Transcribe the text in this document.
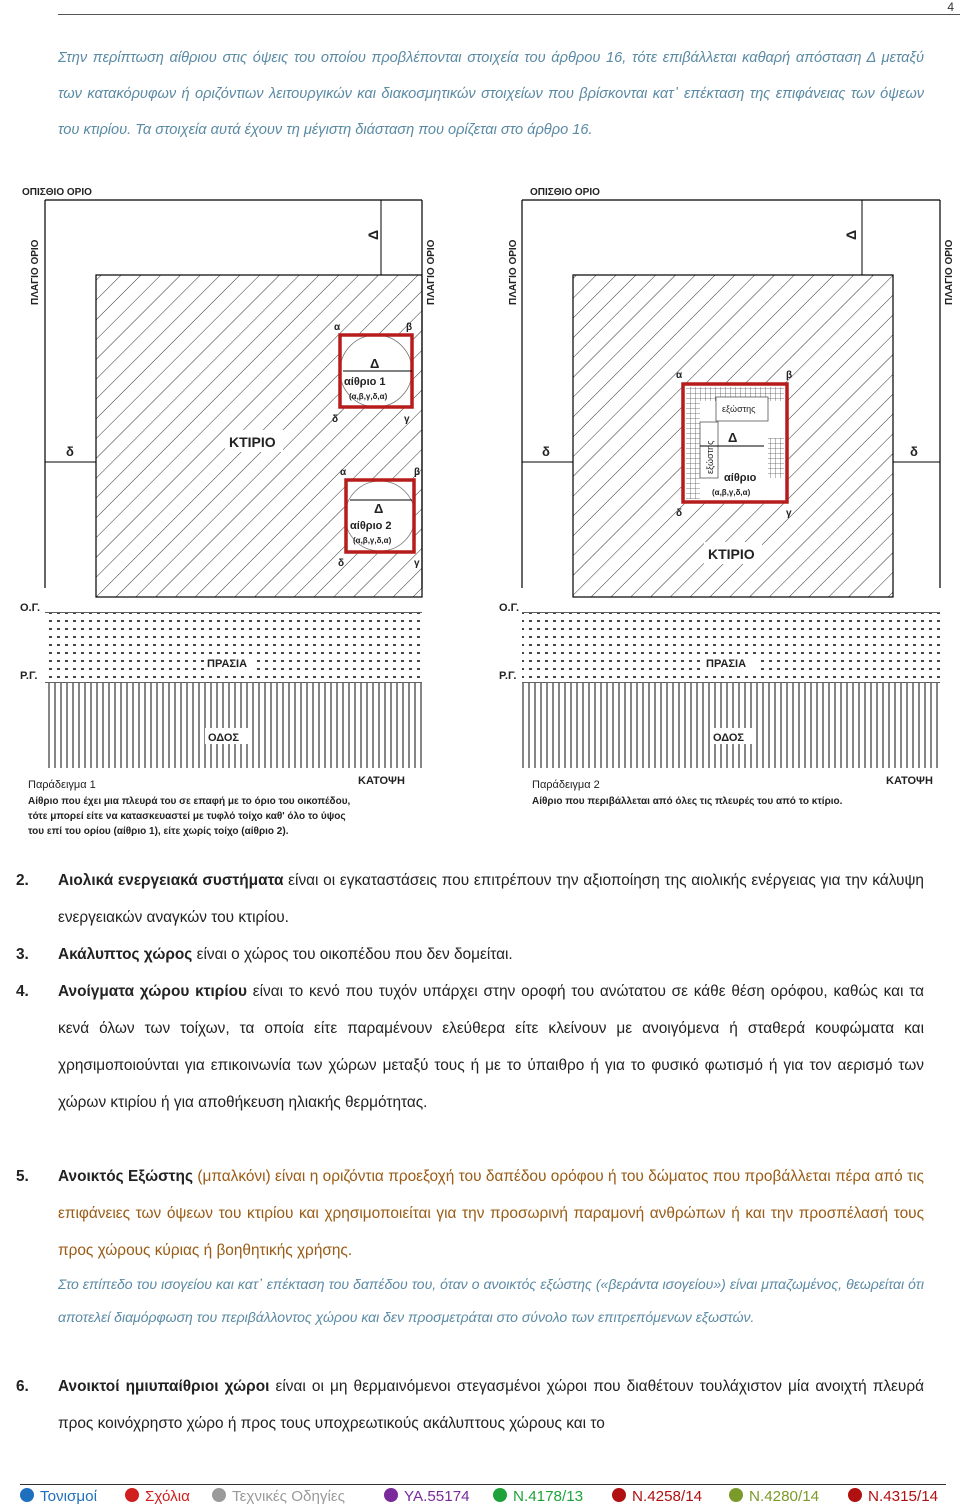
4

Στην περίπτωση αίθριου στις όψεις του οποίου προβλέπονται στοιχεία του άρθρου 16, τότε επιβάλλεται καθαρή απόσταση Δ μεταξύ των κατακόρυφων ή οριζόντιων λειτουργικών και διακοσμητικών στοιχείων που βρίσκονται κατ᾽ επέκταση της επιφάνειας των όψεων του κτιρίου. Τα στοιχεία αυτά έχουν τη μέγιστη διάσταση που ορίζεται στο άρθρο 16.

ΟΠΙΣΘΙΟ ΟΡΙΟ
ΠΛΑΓΙΟ ΟΡΙΟ	ΠΛΑΓΙΟ ΟΡΙΟ
Δ
ΚΤΙΡΙΟ
δ
Δ
αίθριο 1
(α,β,γ,δ,α)
α	β
γ
δ
Δ
αίθριο 2
(α,β,γ,δ,α)
α	β
γ
δ
Ο.Γ.
ΠΡΑΣΙΑ
Ρ.Γ.
ΟΔΟΣ
Παράδειγμα 1	ΚΑΤΟΨΗ
Αίθριο που έχει μια πλευρά του σε επαφή με το όριο του οικοπέδου,
τότε μπορεί είτε να κατασκευαστεί με τυφλό τοίχο καθ' όλο το ύψος
του επί του ορίου (αίθριο 1), είτε χωρίς τοίχο (αίθριο 2).
ΟΠΙΣΘΙΟ ΟΡΙΟ
ΠΛΑΓΙΟ ΟΡΙΟ	ΠΛΑΓΙΟ ΟΡΙΟ
Δ
ΚΤΙΡΙΟ
δ	δ
εξώστης
εξώστης
Δ
αίθριο
(α,β,γ,δ,α)
α	β
γ
δ
Ο.Γ.
ΠΡΑΣΙΑ
Ρ.Γ.
ΟΔΟΣ
Παράδειγμα 2	ΚΑΤΟΨΗ
Αίθριο που περιβάλλεται από όλες τις πλευρές του από το κτίριο.
2. Αιολικά ενεργειακά συστήματα είναι οι εγκαταστάσεις που επιτρέπουν την αξιοποίηση της αιολικής ενέργειας για την κάλυψη ενεργειακών αναγκών του κτιρίου.

3. Ακάλυπτος χώρος είναι ο χώρος του οικοπέδου που δεν δομείται.

4. Ανοίγματα χώρου κτιρίου είναι το κενό που τυχόν υπάρχει στην οροφή του ανώτατου σε κάθε θέση ορόφου, καθώς και τα κενά όλων των τοίχων, τα οποία είτε παραμένουν ελεύθερα είτε κλείνουν με ανοιγόμενα ή σταθερά κουφώματα και χρησιμοποιούνται για επικοινωνία των χώρων μεταξύ τους ή με το ύπαιθρο ή για το φυσικό φωτισμό ή για τον αερισμό των χώρων κτιρίου ή για αποθήκευση ηλιακής θερμότητας.

5. Ανοικτός Εξώστης (μπαλκόνι) είναι η οριζόντια προεξοχή του δαπέδου ορόφου ή του δώματος που προβάλλεται πέρα από τις επιφάνειες των όψεων του κτιρίου και χρησιμοποιείται για την προσωρινή παραμονή ανθρώπων ή και την προσπέλασή τους προς χώρους κύριας ή βοηθητικής χρήσης.

Στο επίπεδο του ισογείου και κατ᾽ επέκταση του δαπέδου του, όταν ο ανοικτός εξώστης («βεράντα ισογείου») είναι μπαζωμένος, θεωρείται ότι αποτελεί διαμόρφωση του περιβάλλοντος χώρου και δεν προσμετράται στο σύνολο των επιτρεπόμενων εξωστών.

6. Ανοικτοί ημιυπαίθριοι χώροι είναι οι μη θερμαινόμενοι στεγασμένοι χώροι που διαθέτουν τουλάχιστον μία ανοιχτή πλευρά προς κοινόχρηστο χώρο ή προς τους υποχρεωτικούς ακάλυπτους χώρους και το

Τονισμοί	Σχόλια	Τεχνικές Οδηγίες	ΥΑ.55174	Ν.4178/13	Ν.4258/14	Ν.4280/14	Ν.4315/14
